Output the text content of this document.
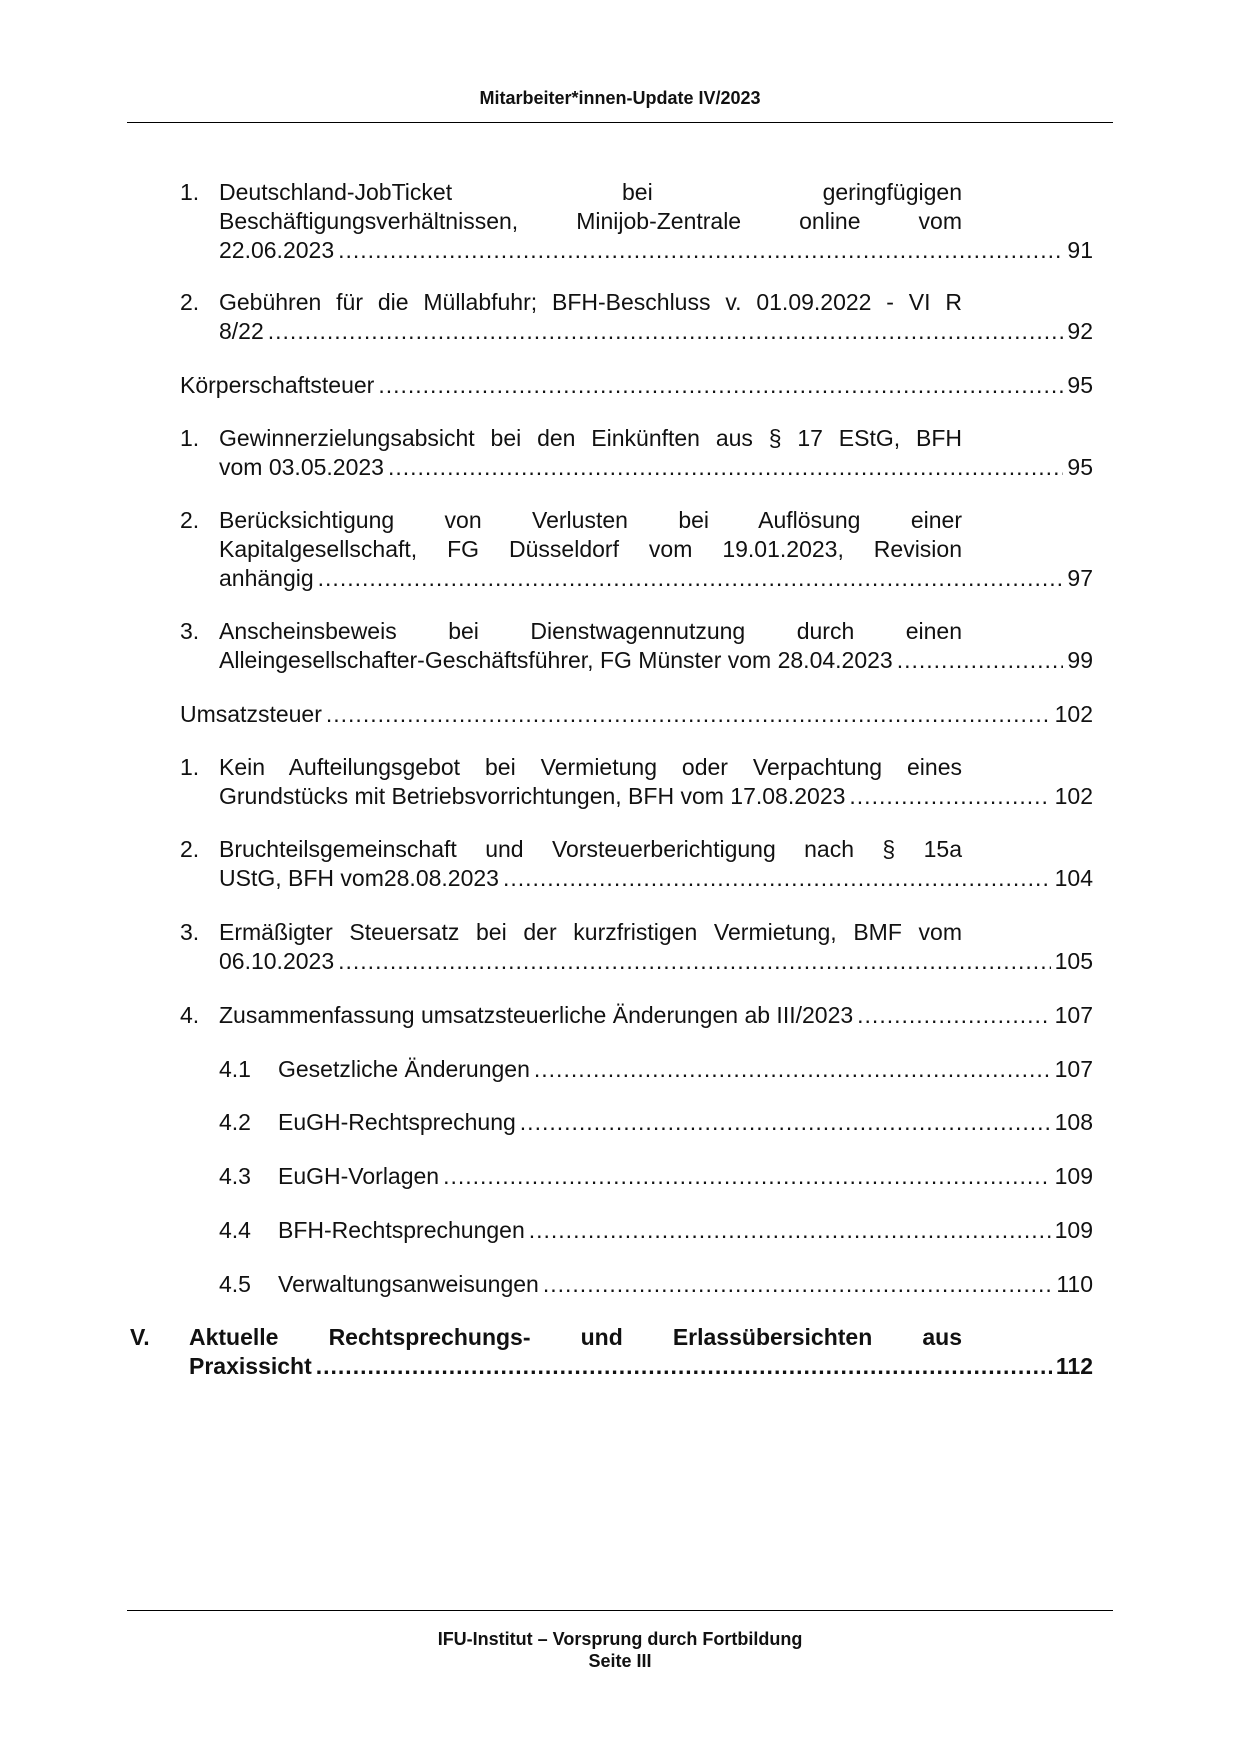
Mitarbeiter*innen-Update IV/2023
1. Deutschland-JobTicket bei geringfügigen
Beschäftigungsverhältnissen, Minijob-Zentrale online vom
22.06.2023 .....	91
2. Gebühren für die Müllabfuhr; BFH-Beschluss v. 01.09.2022 - VI R
8/22 .....	92
Körperschaftsteuer .....	95
1. Gewinnerzielungsabsicht bei den Einkünften aus § 17 EStG, BFH
vom 03.05.2023 .....	95
2. Berücksichtigung von Verlusten bei Auflösung einer
Kapitalgesellschaft, FG Düsseldorf vom 19.01.2023, Revision
anhängig .....	97
3. Anscheinsbeweis bei Dienstwagennutzung durch einen
Alleingesellschafter-Geschäftsführer, FG Münster vom 28.04.2023 .....	99
Umsatzsteuer .....	102
1. Kein Aufteilungsgebot bei Vermietung oder Verpachtung eines
Grundstücks mit Betriebsvorrichtungen, BFH vom 17.08.2023 .....	102
2. Bruchteilsgemeinschaft und Vorsteuerberichtigung nach § 15a
UStG, BFH vom28.08.2023 .....	104
3. Ermäßigter Steuersatz bei der kurzfristigen Vermietung, BMF vom
06.10.2023 .....	105
4. Zusammenfassung umsatzsteuerliche Änderungen ab III/2023 .....	107
4.1 Gesetzliche Änderungen .....	107
4.2 EuGH-Rechtsprechung .....	108
4.3 EuGH-Vorlagen .....	109
4.4 BFH-Rechtsprechungen .....	109
4.5 Verwaltungsanweisungen .....	110
V. Aktuelle Rechtsprechungs- und Erlassübersichten aus
Praxissicht .....	112
IFU-Institut – Vorsprung durch Fortbildung
Seite III
